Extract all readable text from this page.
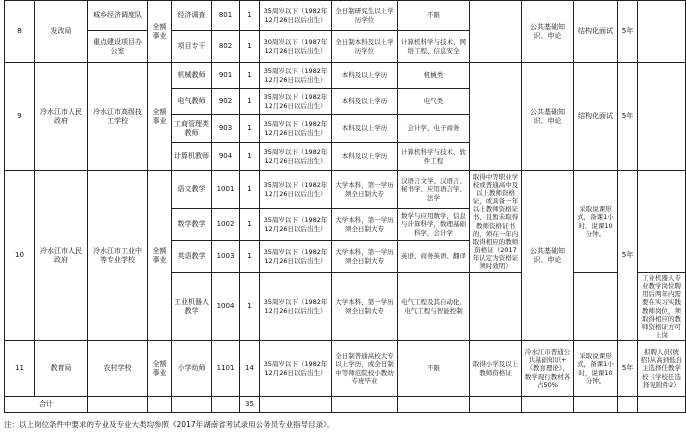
8	发改局	城乡经济调度队	全额事业	经济调查	801	1	35周岁以下（1982年12月26日以后出生）	全日制研究生以上学历学位	不限		公共基础知识、申论	结构化面试	5年	
		重点建设项目办公室		项目专干	802	1	30周岁以下（1987年12月26日以后出生）	全日制本科及以上学历学位	计算机科学与技术、网络工程、信息安全					
9	冷水江市人民政府	冷水江市高级技工学校	全额事业	机械教师	901	1	35周岁以下（1982年12月26日以后出生）	本科及以上学历	机械类		公共基础知识、申论	结构化面试	5年	
				电气教师	902	1	35周岁以下（1982年12月26日以后出生）	本科及以上学历	电气类					
				工商管理类教师	903	1	35周岁以下（1982年12月26日以后出生）	本科及以上学历	会计学、电子商务					
				计算机教师	904	1	35周岁以下（1982年12月26日以后出生）	本科及以上学历	计算机科学与技术、软件工程					
10	冷水江市人民政府	冷水江市工业中等专业学校	全额事业	语文教学	1001	1	35周岁以下（1982年12月26日以后出生）	大学本科，第一学历须全日制大专	汉语言文学、汉语言、秘书学、应用语言学、法学	取得中等职业学校或普通高中及以上教师资格证，或具备一年以上教师资格证书，且暂未取得教师资格证书的，须在一年内取得相应的教师资格证（2017年认定为资格证须时效明）	公共基础知识、申论	采取说课形式，备课1小时，说课10分钟。	5年	
				数学教学	1002	1	35周岁以下（1982年12月26日以后出生）	大学本科，第一学历须全日制大专	数学与应用数学，信息与计算科学，数理基础科学，会计学					
				英语教学	1003	1	35周岁以下（1982年12月26日以后出生）	大学本科，第一学历须全日制大专	英语、商务英语、翻译					
				工业机器人教学	1004	1	35周岁以下（1982年12月26日以后出生）	大学本科，第一学历须全日制大专	电气工程及其自动化、电气工程与智能控制					工业机器人专业教学岗位聘用后两年内需要在实习实践教师岗位，须取得相应的教师资格证方可上岗
11	教育局	农村学校	全额事业	小学幼师	1101	14	35周岁以下（1982年12月26日以后出生）	全日制普通高校大专以上学历，或全日制中等师范院校小教幼专班毕业	不限	取得小学及以上教师资格证	冷水江市普通公共基础知识+《教育理论》，数学现行教材各占50%	采取说课形式，备课1小时，说课10分钟。	5年	拟聘人员(统招)从高到低自主选择任教学校（学校任选择见附件2）
合计						35								
注：以上岗位条件中要求的专业及专业大类均参照《2017年湖南省考试录用公务员专业指导目录》。
